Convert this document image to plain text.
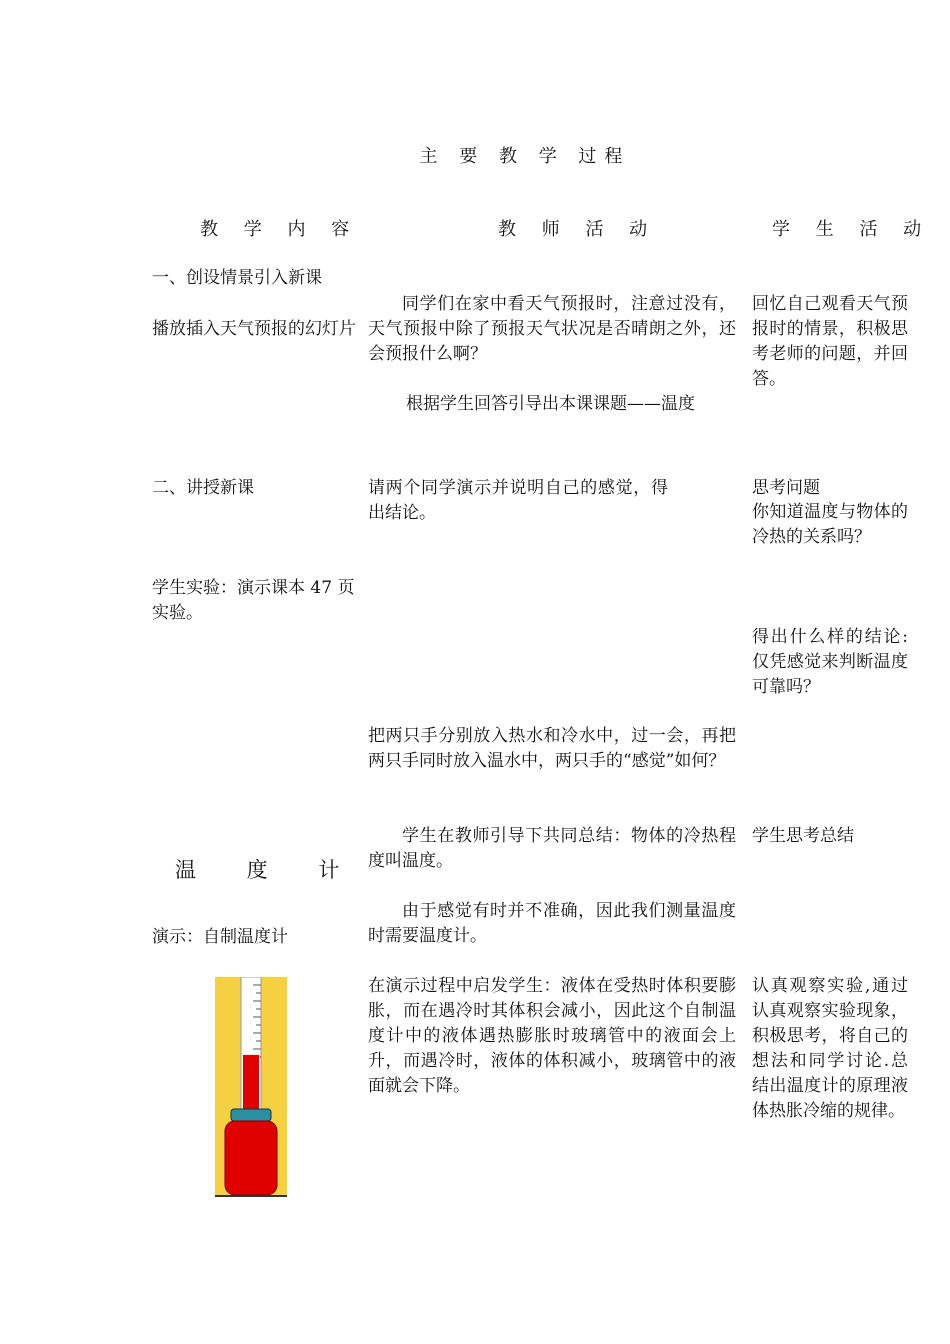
主 要 教 学 过程
教 学 内 容	教 师 活 动	学 生 活 动
一、创设情景引入新课
播放插入天气预报的幻灯片
二、讲授新课
学生实验：演示课本 47 页实验。
温 度 计
演示：自制温度计
同学们在家中看天气预报时，注意过没有，天气预报中除了预报天气状况是否晴朗之外，还会预报什么啊？
根据学生回答引导出本课课题——温度
请两个同学演示并说明自己的感觉，得出结论。
把两只手分别放入热水和冷水中，过一会，再把两只手同时放入温水中，两只手的“感觉”如何？
学生在教师引导下共同总结：物体的冷热程度叫温度。
由于感觉有时并不准确，因此我们测量温度时需要温度计。
在演示过程中启发学生：液体在受热时体积要膨胀，而在遇冷时其体积会减小，因此这个自制温度计中的液体遇热膨胀时玻璃管中的液面会上升，而遇冷时，液体的体积减小，玻璃管中的液面就会下降。
回忆自己观看天气预报时的情景，积极思考老师的问题，并回答。
思考问题
你知道温度与物体的冷热的关系吗？
得出什么样的结论:仅凭感觉来判断温度可靠吗？
学生思考总结
认真观察实验,通过认真观察实验现象，积极思考，将自己的想法和同学讨论.总结出温度计的原理液体热胀冷缩的规律。
